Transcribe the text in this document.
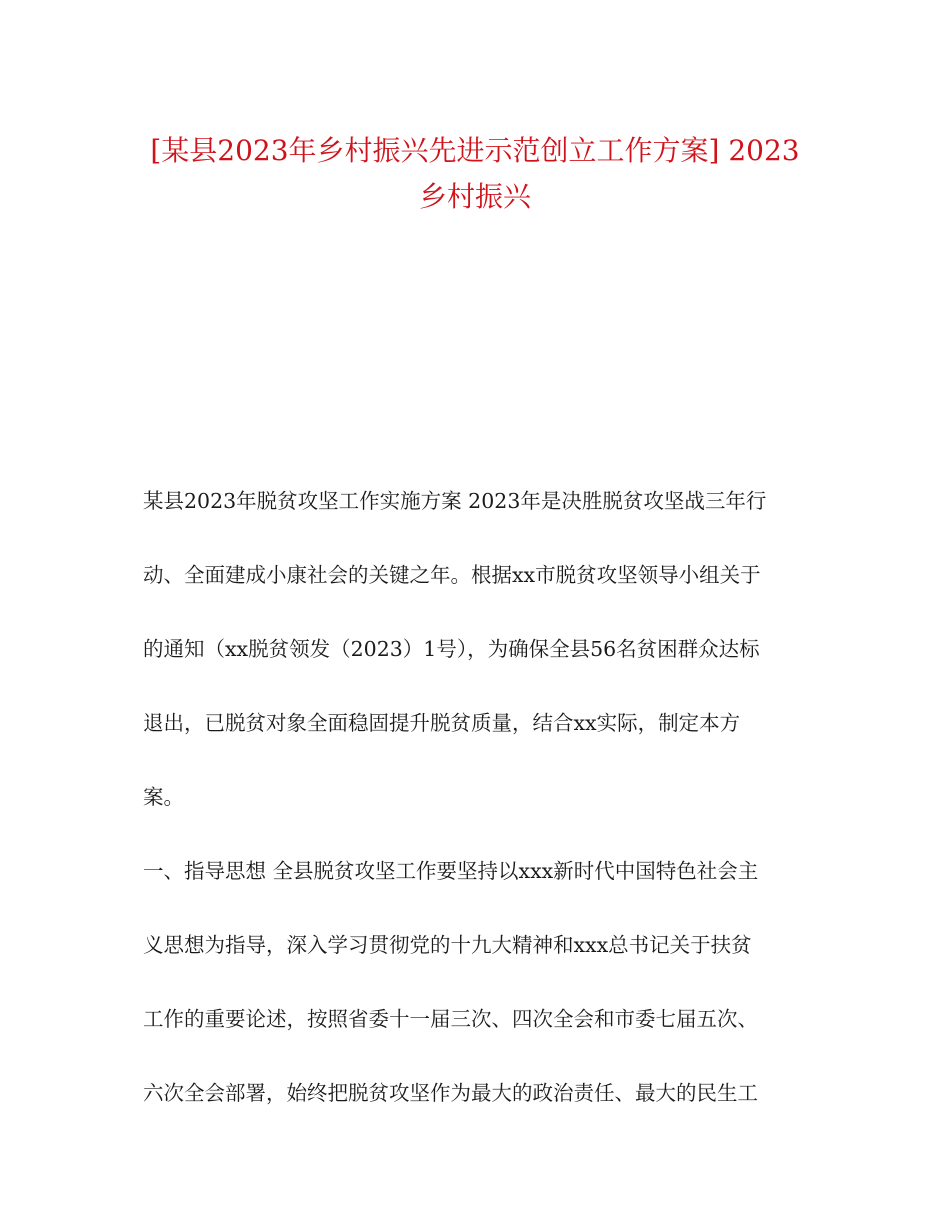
[某县2023年乡村振兴先进示范创立工作方案] 2023
乡村振兴
某县2023年脱贫攻坚工作实施方案 2023年是决胜脱贫攻坚战三年行
动、全面建成小康社会的关键之年。根据xx市脱贫攻坚领导小组关于
的通知（xx脱贫领发（2023）1号），为确保全县56名贫困群众达标
退出，已脱贫对象全面稳固提升脱贫质量，结合xx实际，制定本方
案。
一、指导思想 全县脱贫攻坚工作要坚持以xxx新时代中国特色社会主
义思想为指导，深入学习贯彻党的十九大精神和xxx总书记关于扶贫
工作的重要论述，按照省委十一届三次、四次全会和市委七届五次、
六次全会部署，始终把脱贫攻坚作为最大的政治责任、最大的民生工
